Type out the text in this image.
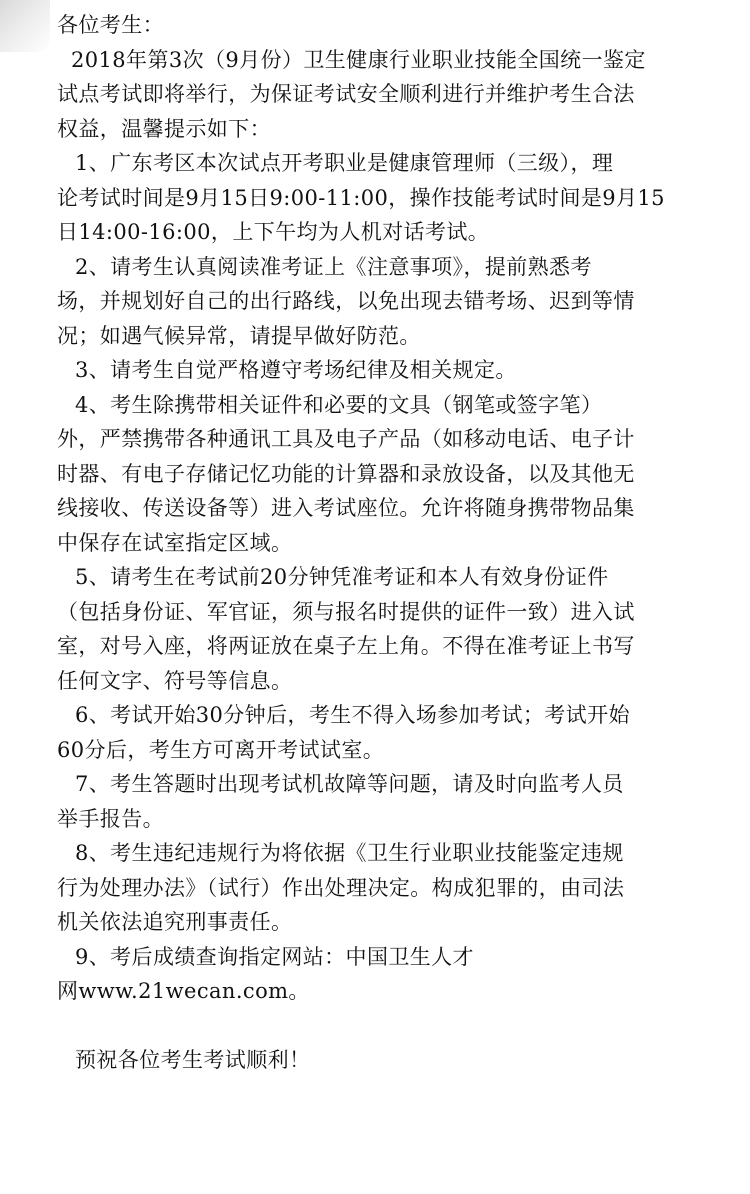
各位考生：
2018年第3次（9月份）卫生健康行业职业技能全国统一鉴定
试点考试即将举行，为保证考试安全顺利进行并维护考生合法
权益，温馨提示如下：
1、广东考区本次试点开考职业是健康管理师（三级），理
论考试时间是9月15日9:00-11:00，操作技能考试时间是9月15
日14:00-16:00，上下午均为人机对话考试。
2、请考生认真阅读准考证上《注意事项》，提前熟悉考
场，并规划好自己的出行路线，以免出现去错考场、迟到等情
况；如遇气候异常，请提早做好防范。
3、请考生自觉严格遵守考场纪律及相关规定。
4、考生除携带相关证件和必要的文具（钢笔或签字笔）
外，严禁携带各种通讯工具及电子产品（如移动电话、电子计
时器、有电子存储记忆功能的计算器和录放设备，以及其他无
线接收、传送设备等）进入考试座位。允许将随身携带物品集
中保存在试室指定区域。
5、请考生在考试前20分钟凭准考证和本人有效身份证件
（包括身份证、军官证，须与报名时提供的证件一致）进入试
室，对号入座，将两证放在桌子左上角。不得在准考证上书写
任何文字、符号等信息。
6、考试开始30分钟后，考生不得入场参加考试；考试开始
60分后，考生方可离开考试试室。
7、考生答题时出现考试机故障等问题，请及时向监考人员
举手报告。
8、考生违纪违规行为将依据《卫生行业职业技能鉴定违规
行为处理办法》（试行）作出处理决定。构成犯罪的，由司法
机关依法追究刑事责任。
9、考后成绩查询指定网站：中国卫生人才
网www.21wecan.com。
预祝各位考生考试顺利！
